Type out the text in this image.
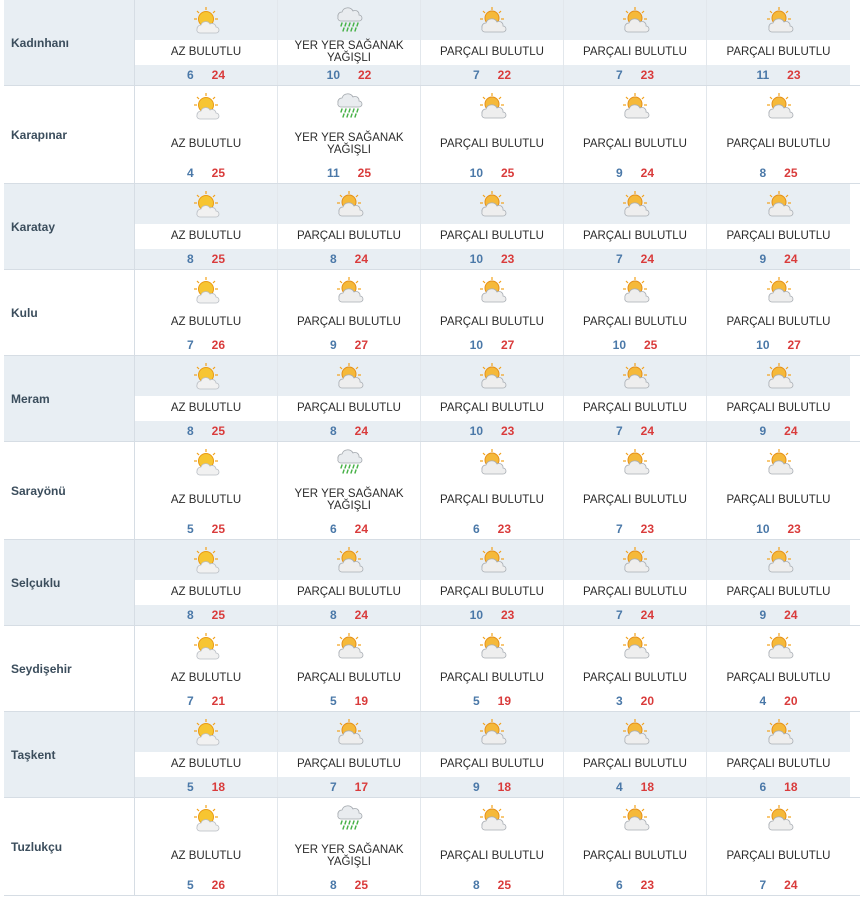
Kadınhanı
AZ BULUTLU
6 24
YER YER SAĞANAK YAĞIŞLI
10 22
PARÇALI BULUTLU
7 22
PARÇALI BULUTLU
7 23
PARÇALI BULUTLU
11 23
Karapınar
AZ BULUTLU
4 25
YER YER SAĞANAK YAĞIŞLI
11 25
PARÇALI BULUTLU
10 25
PARÇALI BULUTLU
9 24
PARÇALI BULUTLU
8 25
Karatay
AZ BULUTLU
8 25
PARÇALI BULUTLU
8 24
PARÇALI BULUTLU
10 23
PARÇALI BULUTLU
7 24
PARÇALI BULUTLU
9 24
Kulu
AZ BULUTLU
7 26
PARÇALI BULUTLU
9 27
PARÇALI BULUTLU
10 27
PARÇALI BULUTLU
10 25
PARÇALI BULUTLU
10 27
Meram
AZ BULUTLU
8 25
PARÇALI BULUTLU
8 24
PARÇALI BULUTLU
10 23
PARÇALI BULUTLU
7 24
PARÇALI BULUTLU
9 24
Sarayönü
AZ BULUTLU
5 25
YER YER SAĞANAK YAĞIŞLI
6 24
PARÇALI BULUTLU
6 23
PARÇALI BULUTLU
7 23
PARÇALI BULUTLU
10 23
Selçuklu
AZ BULUTLU
8 25
PARÇALI BULUTLU
8 24
PARÇALI BULUTLU
10 23
PARÇALI BULUTLU
7 24
PARÇALI BULUTLU
9 24
Seydişehir
AZ BULUTLU
7 21
PARÇALI BULUTLU
5 19
PARÇALI BULUTLU
5 19
PARÇALI BULUTLU
3 20
PARÇALI BULUTLU
4 20
Taşkent
AZ BULUTLU
5 18
PARÇALI BULUTLU
7 17
PARÇALI BULUTLU
9 18
PARÇALI BULUTLU
4 18
PARÇALI BULUTLU
6 18
Tuzlukçu
AZ BULUTLU
5 26
YER YER SAĞANAK YAĞIŞLI
8 25
PARÇALI BULUTLU
8 25
PARÇALI BULUTLU
6 23
PARÇALI BULUTLU
7 24
